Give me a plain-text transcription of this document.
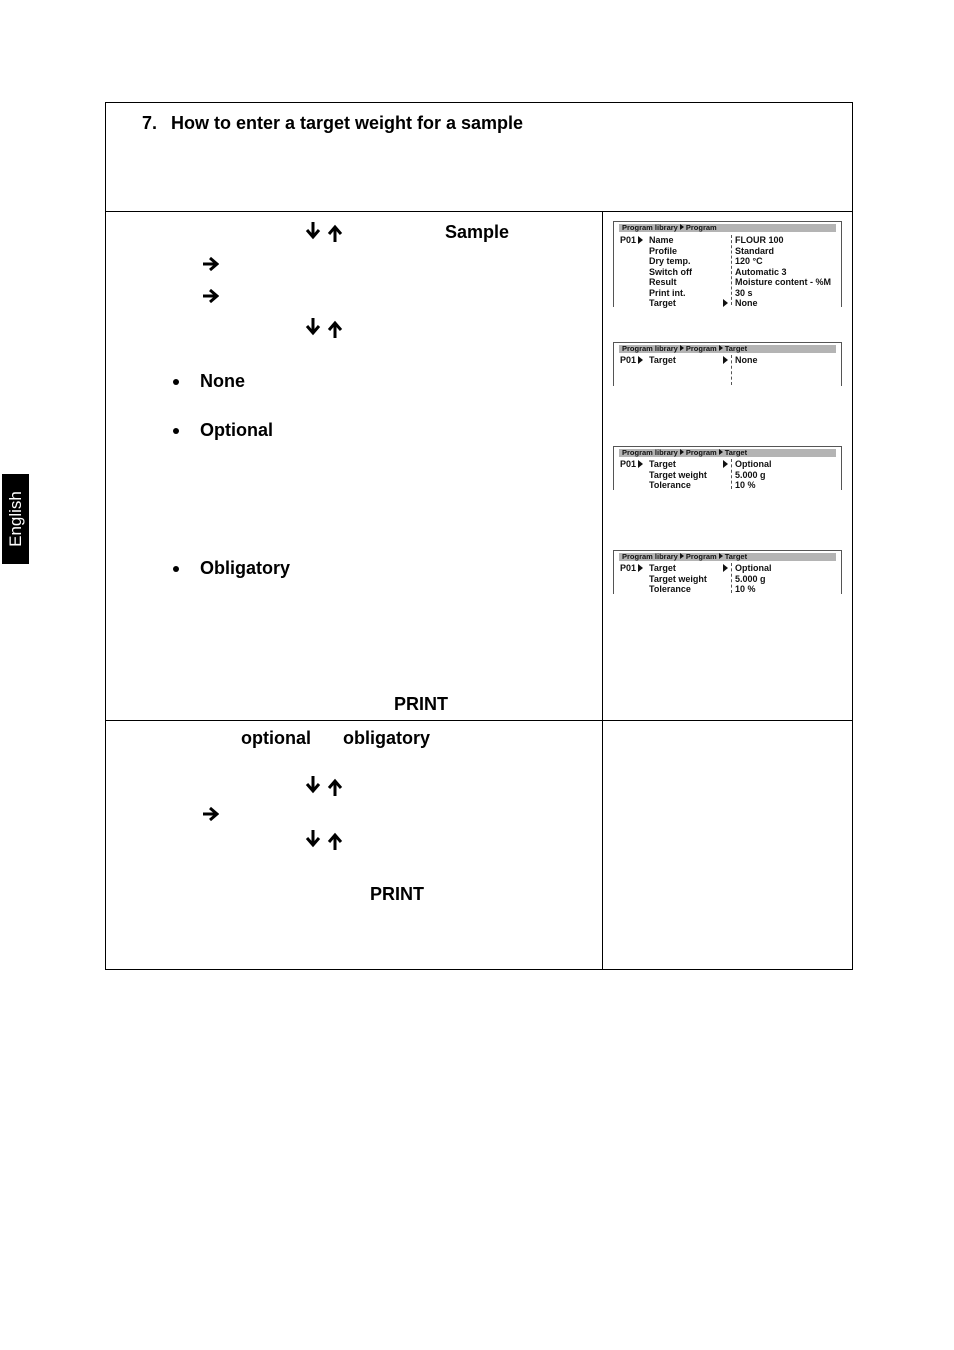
English
7. How to enter a target weight for a sample
Sample
None
Optional
Obligatory
PRINT
optional obligatory
PRINT
Program library Program
P01	Name	FLOUR 100
Profile	Standard
Dry temp.	120 °C
Switch off	Automatic 3
Result	Moisture content - %M
Print int.	30 s
Target	None
Program library Program Target
P01	Target	None
Program library Program Target
P01	Target	Optional
Target weight	5.000 g
Tolerance	10 %
Program library Program Target
P01	Target	Optional
Target weight	5.000 g
Tolerance	10 %
